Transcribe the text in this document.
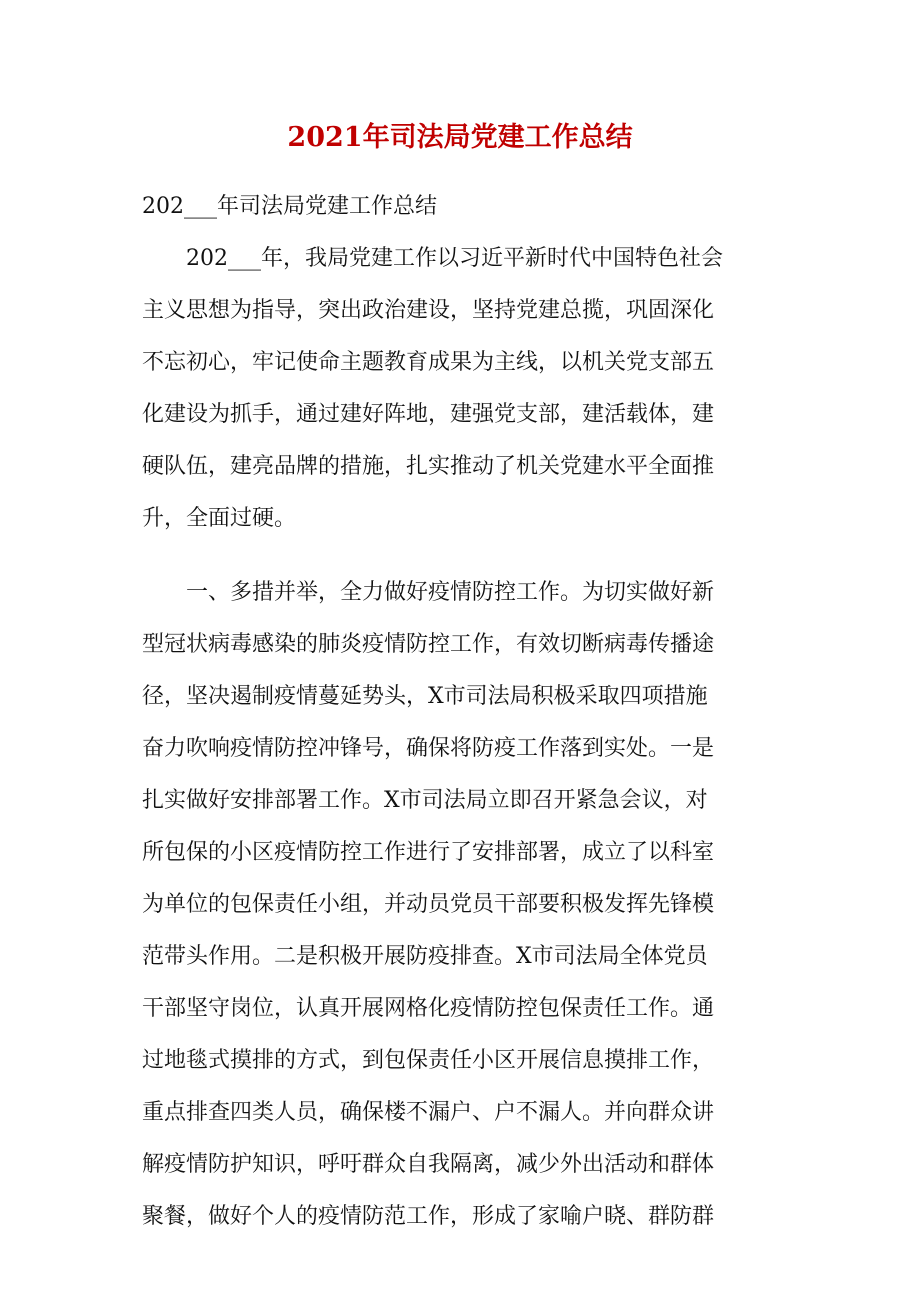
2021年司法局党建工作总结
202___年司法局党建工作总结
202___年，我局党建工作以习近平新时代中国特色社会
主义思想为指导，突出政治建设，坚持党建总揽，巩固深化
不忘初心，牢记使命主题教育成果为主线，以机关党支部五
化建设为抓手，通过建好阵地，建强党支部，建活载体，建
硬队伍，建亮品牌的措施，扎实推动了机关党建水平全面推
升，全面过硬。
一、多措并举，全力做好疫情防控工作。为切实做好新
型冠状病毒感染的肺炎疫情防控工作，有效切断病毒传播途
径，坚决遏制疫情蔓延势头，X市司法局积极采取四项措施
奋力吹响疫情防控冲锋号，确保将防疫工作落到实处。一是
扎实做好安排部署工作。X市司法局立即召开紧急会议，对
所包保的小区疫情防控工作进行了安排部署，成立了以科室
为单位的包保责任小组，并动员党员干部要积极发挥先锋模
范带头作用。二是积极开展防疫排查。X市司法局全体党员
干部坚守岗位，认真开展网格化疫情防控包保责任工作。通
过地毯式摸排的方式，到包保责任小区开展信息摸排工作，
重点排查四类人员，确保楼不漏户、户不漏人。并向群众讲
解疫情防护知识，呼吁群众自我隔离，减少外出活动和群体
聚餐，做好个人的疫情防范工作，形成了家喻户晓、群防群
